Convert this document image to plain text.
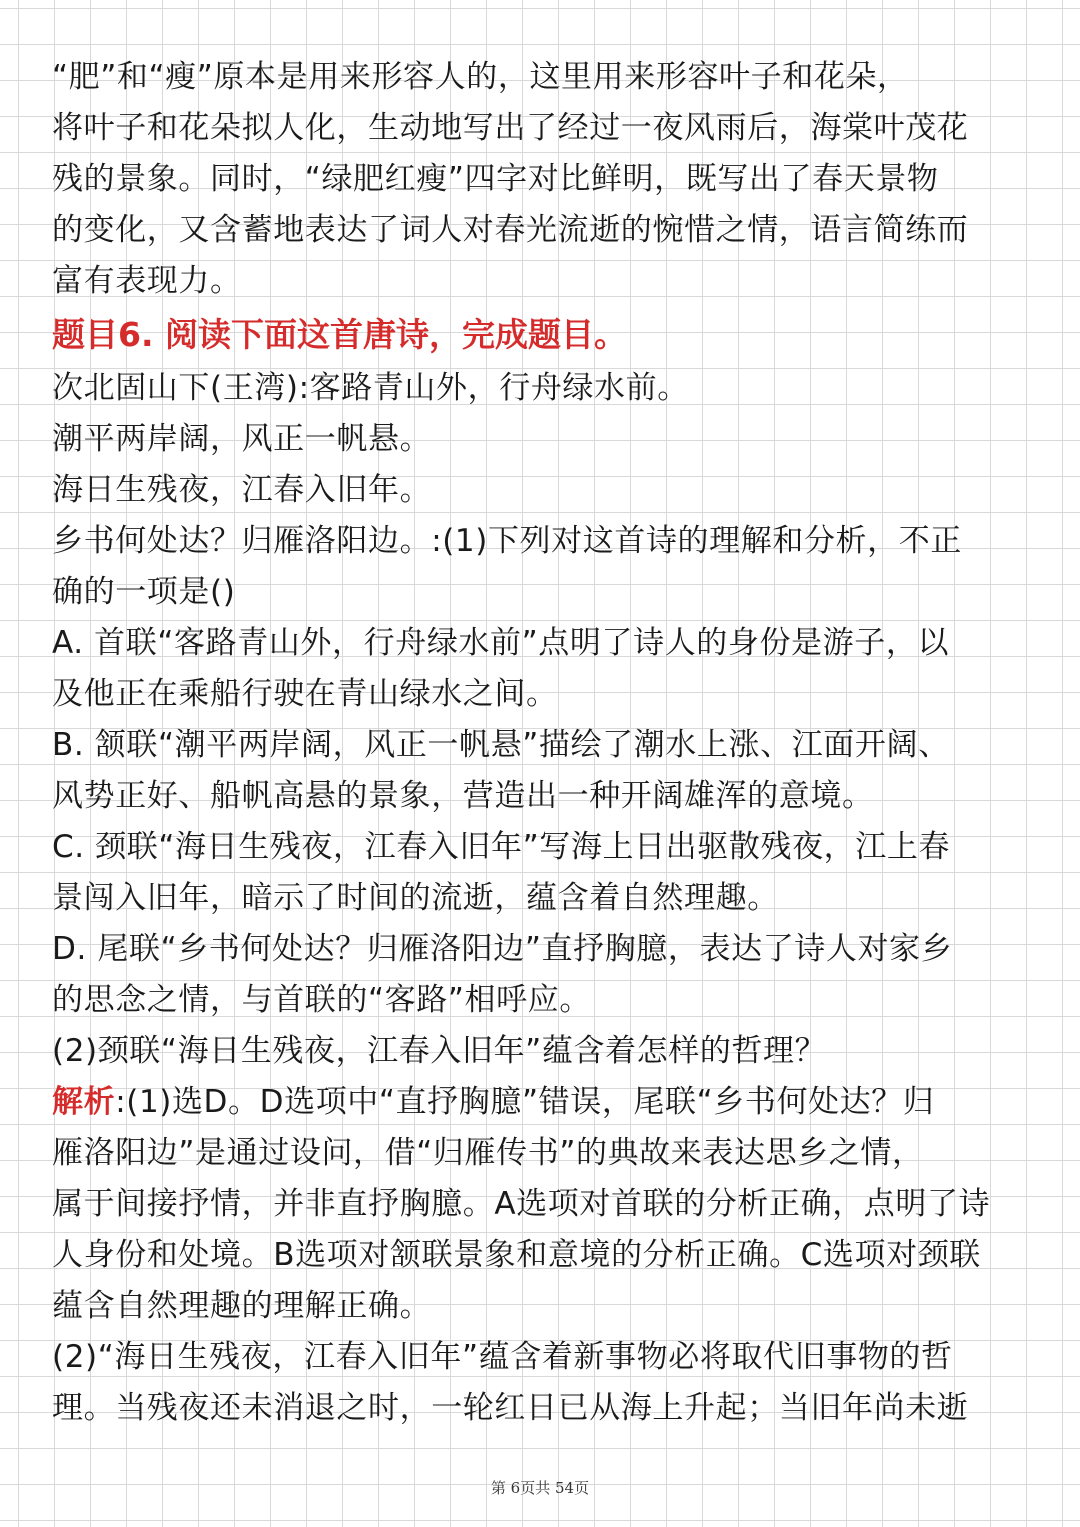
“肥”和“瘦”原本是用来形容人的，这里用来形容叶子和花朵，
将叶子和花朵拟人化，生动地写出了经过一夜风雨后，海棠叶茂花
残的景象。同时，“绿肥红瘦”四字对比鲜明，既写出了春天景物
的变化，又含蓄地表达了词人对春光流逝的惋惜之情，语言简练而
富有表现力。
题目6. 阅读下面这首唐诗，完成题目。
次北固山下(王湾):客路青山外，行舟绿水前。
潮平两岸阔，风正一帆悬。
海日生残夜，江春入旧年。
乡书何处达？归雁洛阳边。:(1)下列对这首诗的理解和分析，不正
确的一项是()
A. 首联“客路青山外，行舟绿水前”点明了诗人的身份是游子，以
及他正在乘船行驶在青山绿水之间。
B. 颔联“潮平两岸阔，风正一帆悬”描绘了潮水上涨、江面开阔、
风势正好、船帆高悬的景象，营造出一种开阔雄浑的意境。
C. 颈联“海日生残夜，江春入旧年”写海上日出驱散残夜，江上春
景闯入旧年，暗示了时间的流逝，蕴含着自然理趣。
D. 尾联“乡书何处达？归雁洛阳边”直抒胸臆，表达了诗人对家乡
的思念之情，与首联的“客路”相呼应。
(2)颈联“海日生残夜，江春入旧年”蕴含着怎样的哲理？
解析:(1)选D。D选项中“直抒胸臆”错误，尾联“乡书何处达？归
雁洛阳边”是通过设问，借“归雁传书”的典故来表达思乡之情，
属于间接抒情，并非直抒胸臆。A选项对首联的分析正确，点明了诗
人身份和处境。B选项对颔联景象和意境的分析正确。C选项对颈联
蕴含自然理趣的理解正确。
(2)“海日生残夜，江春入旧年”蕴含着新事物必将取代旧事物的哲
理。当残夜还未消退之时，一轮红日已从海上升起；当旧年尚未逝
第 6页共 54页
